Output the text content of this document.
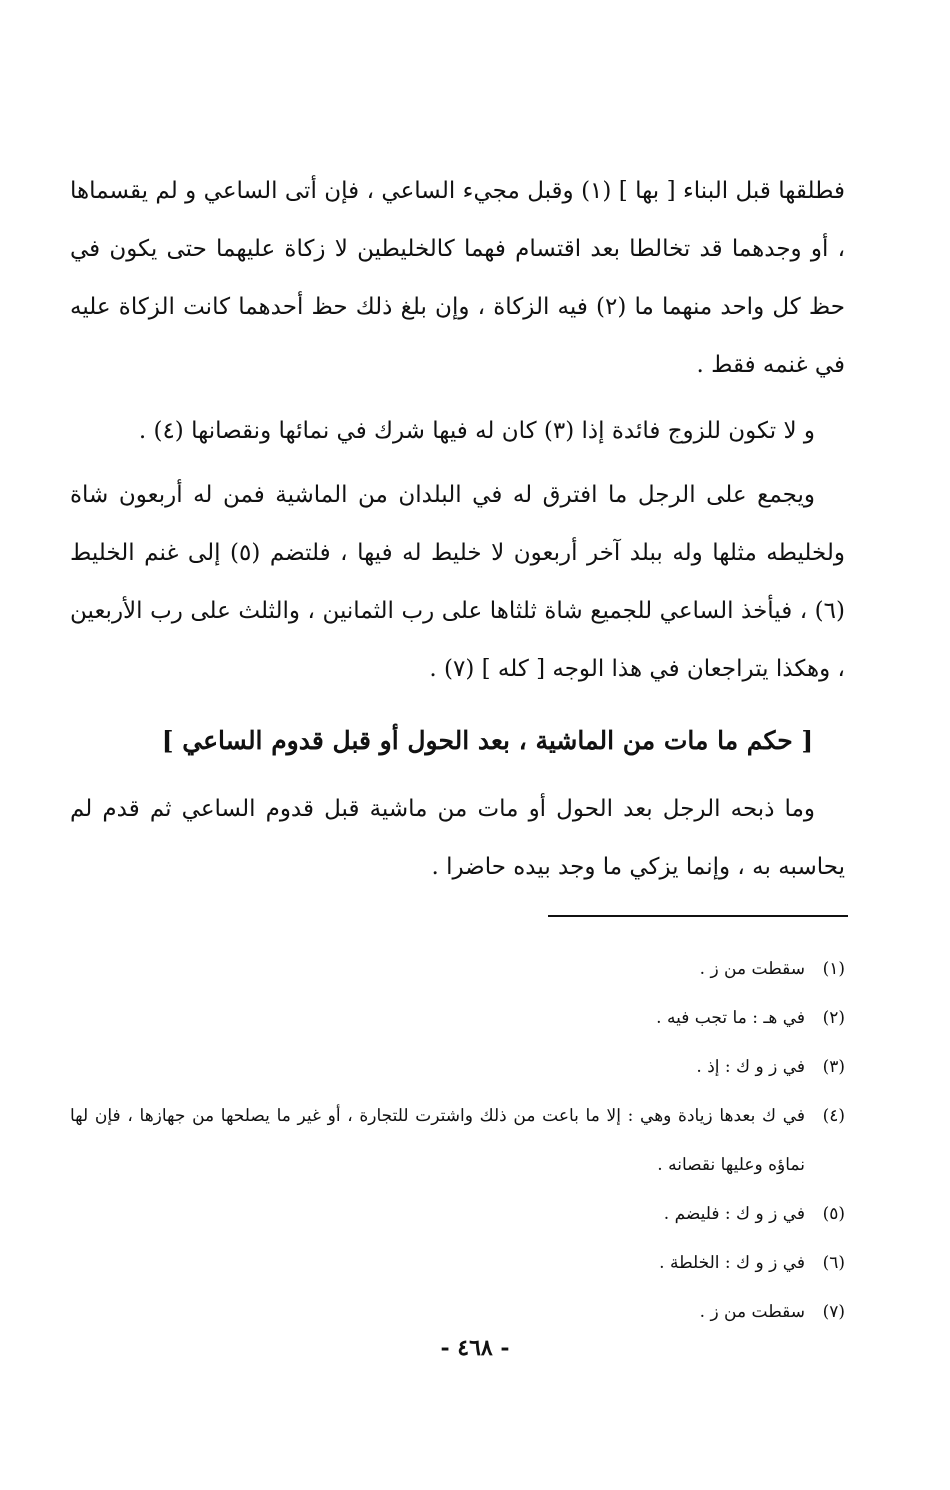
فطلقها قبل البناء [ بها ] (١) وقبل مجيء الساعي ، فإن أتى الساعي و لم يقسماها ، أو وجدهما قد تخالطا بعد اقتسام فهما كالخليطين لا زكاة عليهما حتى يكون في حظ كل واحد منهما ما (٢) فيه الزكاة ، وإن بلغ ذلك حظ أحدهما كانت الزكاة عليه في غنمه فقط .

و لا تكون للزوج فائدة إذا (٣) كان له فيها شرك في نمائها ونقصانها (٤) .

ويجمع على الرجل ما افترق له في البلدان من الماشية فمن له أربعون شاة ولخليطه مثلها وله ببلد آخر أربعون لا خليط له فيها ، فلتضم (٥) إلى غنم الخليط (٦) ، فيأخذ الساعي للجميع شاة ثلثاها على رب الثمانين ، والثلث على رب الأربعين ، وهكذا يتراجعان في هذا الوجه [ كله ] (٧) .

[ حكم ما مات من الماشية ، بعد الحول أو قبل قدوم الساعي ]

وما ذبحه الرجل بعد الحول أو مات من ماشية قبل قدوم الساعي ثم قدم لم يحاسبه به ، وإنما يزكي ما وجد بيده حاضرا .

(١)
سقطت من ز .
(٢)
في هـ : ما تجب فيه .
(٣)
في ز و ك : إذ .
(٤)
في ك بعدها زيادة وهي : إلا ما باعت من ذلك واشترت للتجارة ، أو غير ما يصلحها من جهازها ، فإن لها نماؤه وعليها نقصانه .
(٥)
في ز و ك : فليضم .
(٦)
في ز و ك : الخلطة .
(٧)
سقطت من ز .
- ٤٦٨ -
